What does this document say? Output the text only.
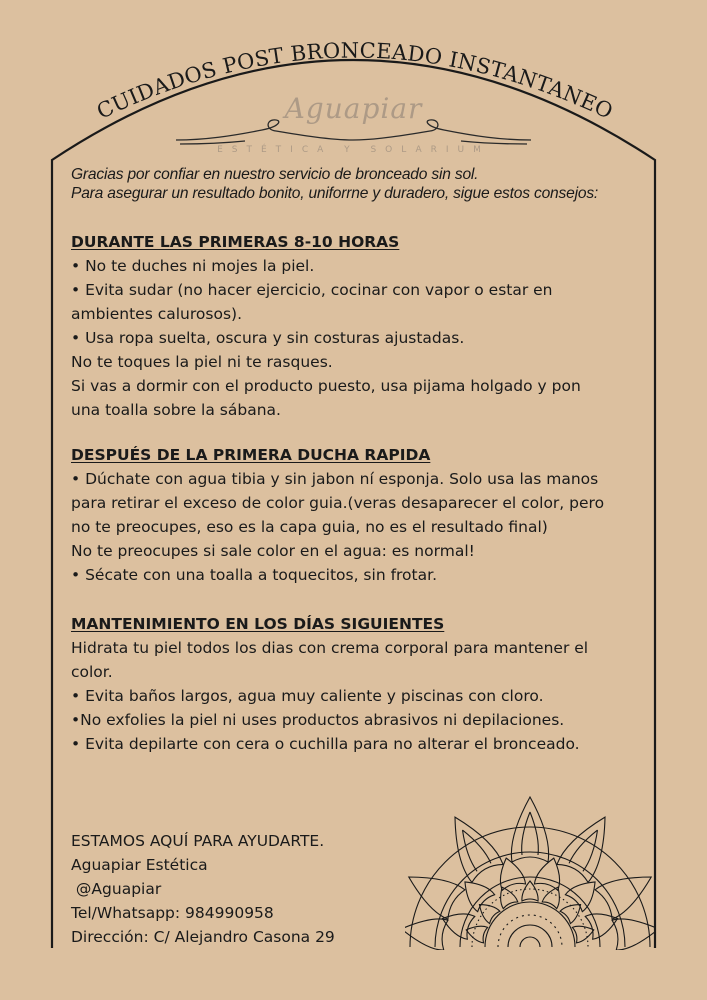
CUIDADOS POST BRONCEADO INSTANTANEO
Aguapiar
ESTÉTICA Y SOLARIUM
Gracias por confiar en nuestro servicio de bronceado sin sol.
Para asegurar un resultado bonito, uniforrne y duradero, sigue estos consejos:
DURANTE LAS PRIMERAS 8-10 HORAS
• No te duches ni mojes la piel.
• Evita sudar (no hacer ejercicio, cocinar con vapor o estar en
ambientes calurosos).
• Usa ropa suelta, oscura y sin costuras ajustadas.
No te toques la piel ni te rasques.
Si vas a dormir con el producto puesto, usa pijama holgado y pon
una toalla sobre la sábana.
DESPUÉS DE LA PRIMERA DUCHA RAPIDA
• Dúchate con agua tibia y sin jabon ní esponja. Solo usa las manos
para retirar el exceso de color guia.(veras desaparecer el color, pero
no te preocupes, eso es la capa guia, no es el resultado final)
No te preocupes si sale color en el agua: es normal!
• Sécate con una toalla a toquecitos, sin frotar.
MANTENIMIENTO EN LOS DÍAS SIGUIENTES
Hidrata tu piel todos los dias con crema corporal para mantener el
color.
• Evita baños largos, agua muy caliente y piscinas con cloro.
•No exfolies la piel ni uses productos abrasivos ni depilaciones.
• Evita depilarte con cera o cuchilla para no alterar el bronceado.
ESTAMOS AQUÍ PARA AYUDARTE.
Aguapiar Estética
@Aguapiar
Tel/Whatsapp: 984990958
Dirección: C/ Alejandro Casona 29
